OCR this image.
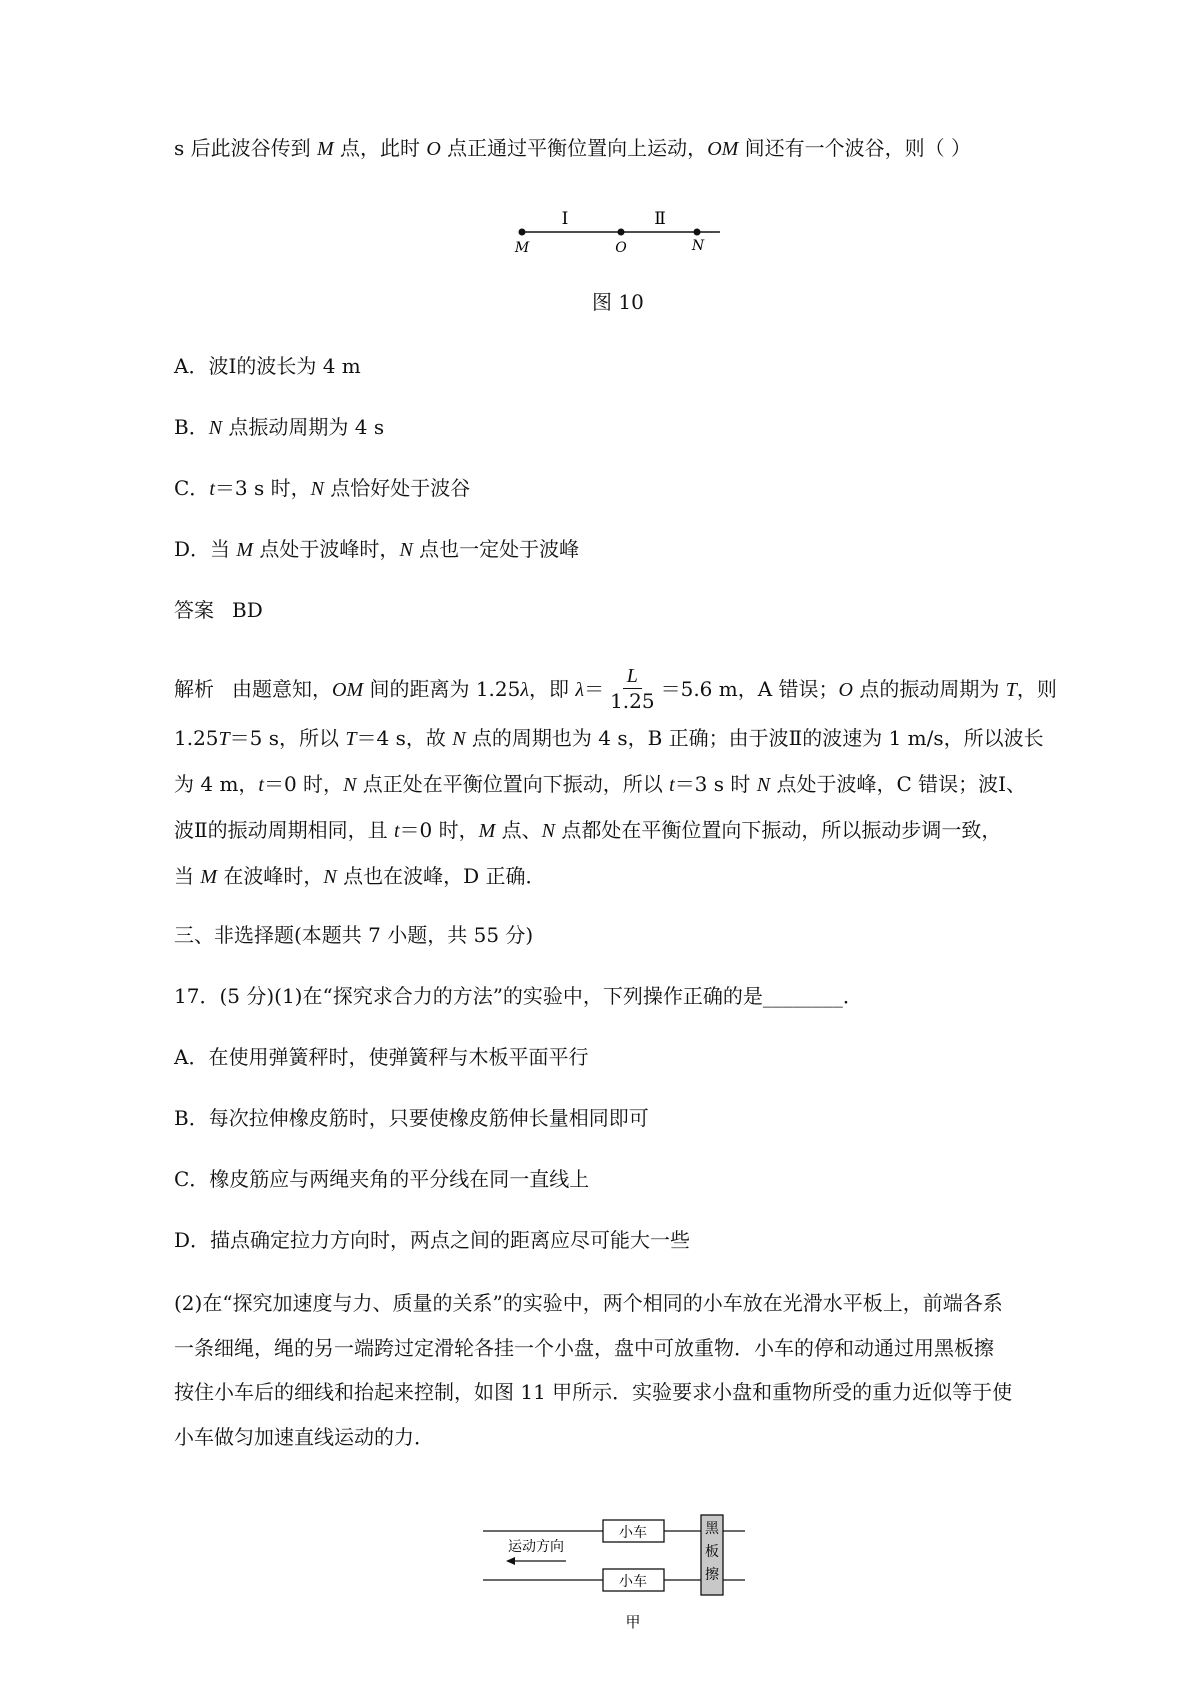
s 后此波谷传到 M 点，此时 O 点正通过平衡位置向上运动，OM 间还有一个波谷，则（ ）
Ⅰ	Ⅱ
M	O	N
图 10
A．波Ⅰ的波长为 4 m
B．N 点振动周期为 4 s
C．t＝3 s 时，N 点恰好处于波谷
D．当 M 点处于波峰时，N 点也一定处于波峰
答案 BD
解析 由题意知，OM 间的距离为 1.25λ，即 $\lambda= \frac{L}{1.25} =5.6$ m，A 错误；O 点的振动周期为 T，则
1.25T＝5 s，所以 T＝4 s，故 N 点的周期也为 4 s，B 正确；由于波Ⅱ的波速为 1 m/s，所以波长
为 4 m，t＝0 时，N 点正处在平衡位置向下振动，所以 t＝3 s 时 N 点处于波峰，C 错误；波Ⅰ、
波Ⅱ的振动周期相同，且 t＝0 时，M 点、N 点都处在平衡位置向下振动，所以振动步调一致，
当 M 在波峰时，N 点也在波峰，D 正确．
三、非选择题(本题共 7 小题，共 55 分)
17．(5 分)(1)在“探究求合力的方法”的实验中，下列操作正确的是________．
A．在使用弹簧秤时，使弹簧秤与木板平面平行
B．每次拉伸橡皮筋时，只要使橡皮筋伸长量相同即可
C．橡皮筋应与两绳夹角的平分线在同一直线上
D．描点确定拉力方向时，两点之间的距离应尽可能大一些
(2)在“探究加速度与力、质量的关系”的实验中，两个相同的小车放在光滑水平板上，前端各系
一条细绳，绳的另一端跨过定滑轮各挂一个小盘，盘中可放重物．小车的停和动通过用黑板擦
按住小车后的细线和抬起来控制，如图 11 甲所示．实验要求小盘和重物所受的重力近似等于使
小车做匀加速直线运动的力．
小车
小车
黑
板
擦
运动方向
甲
